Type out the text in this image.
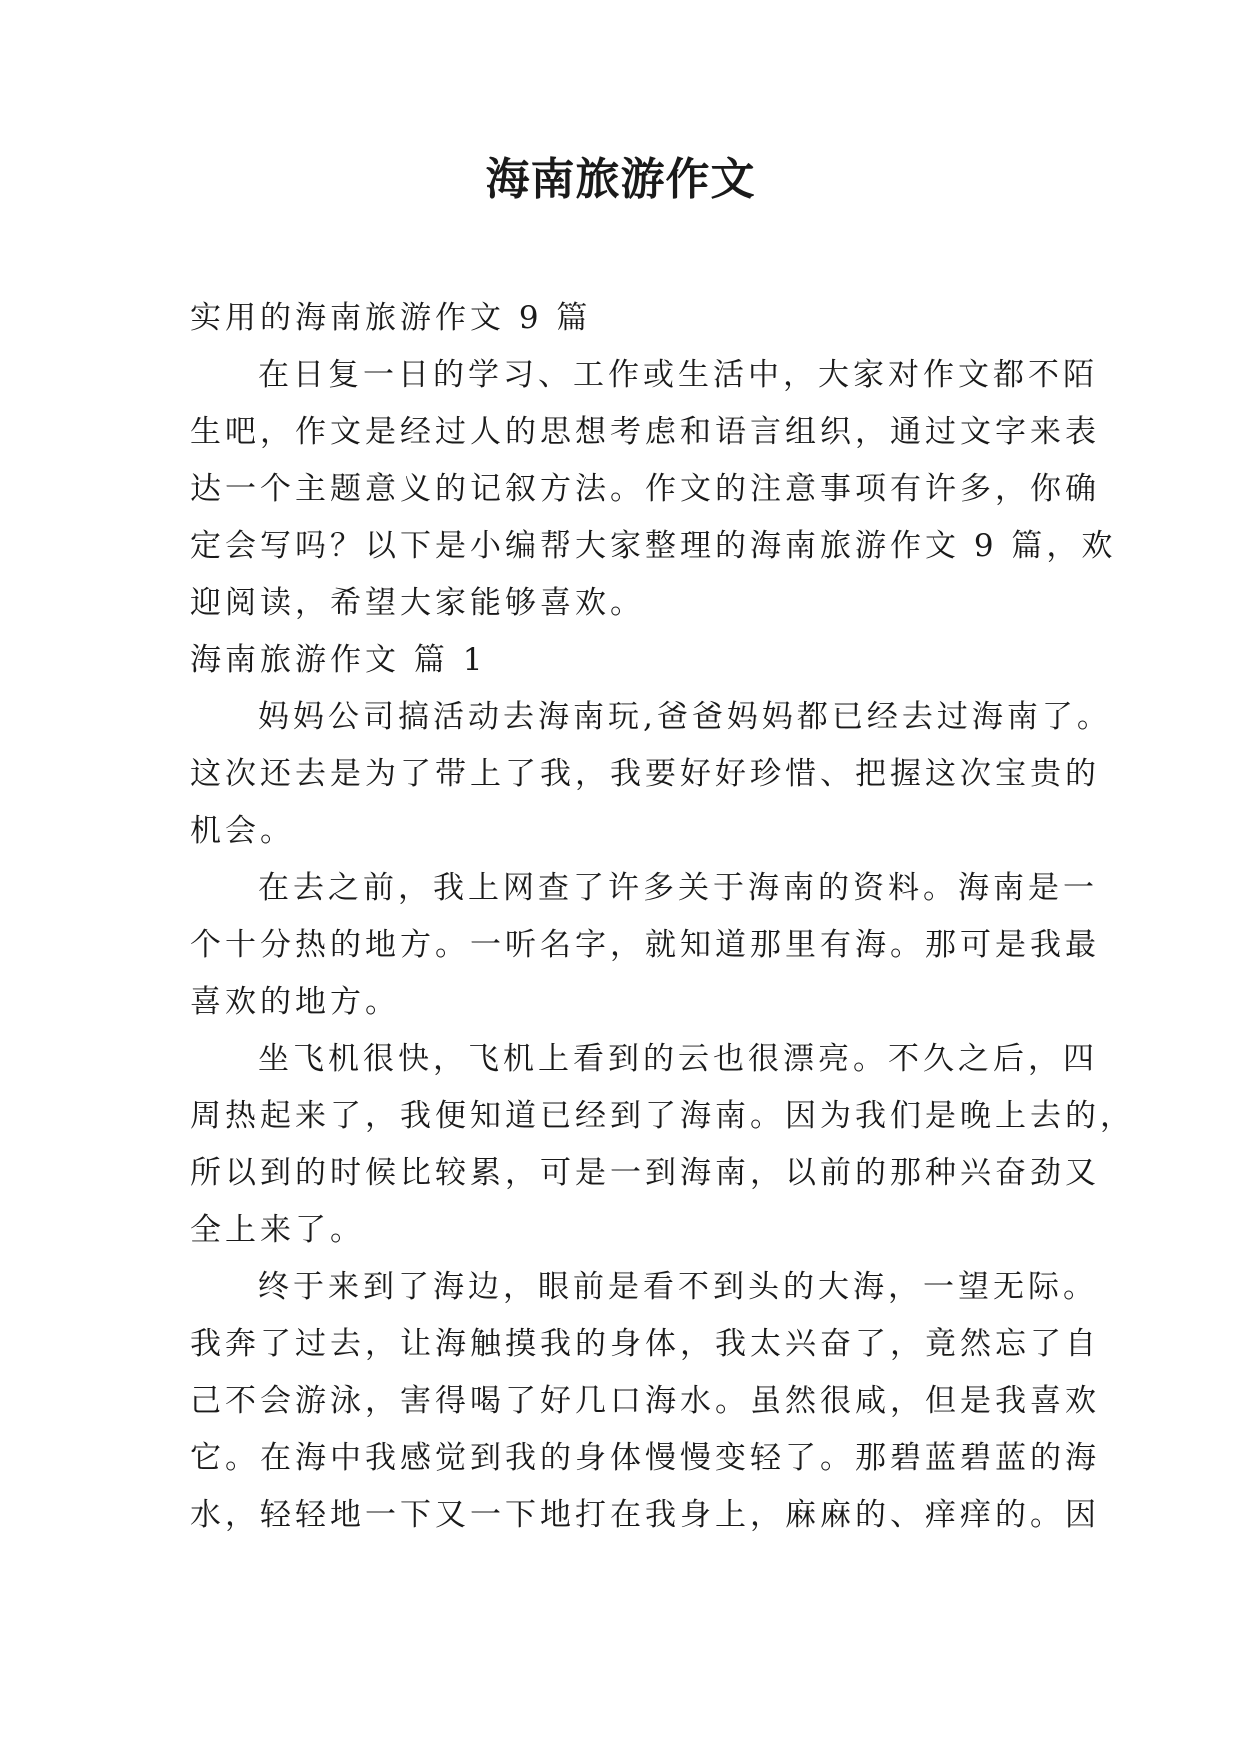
海南旅游作文

实用的海南旅游作文 9 篇

在日复一日的学习、工作或生活中，大家对作文都不陌

生吧，作文是经过人的思想考虑和语言组织，通过文字来表

达一个主题意义的记叙方法。作文的注意事项有许多，你确

定会写吗？以下是小编帮大家整理的海南旅游作文 9 篇，欢

迎阅读，希望大家能够喜欢。

海南旅游作文 篇 1

妈妈公司搞活动去海南玩,爸爸妈妈都已经去过海南了。

这次还去是为了带上了我，我要好好珍惜、把握这次宝贵的

机会。

在去之前，我上网查了许多关于海南的资料。海南是一

个十分热的地方。一听名字，就知道那里有海。那可是我最

喜欢的地方。

坐飞机很快，飞机上看到的云也很漂亮。不久之后，四

周热起来了，我便知道已经到了海南。因为我们是晚上去的，

所以到的时候比较累，可是一到海南，以前的那种兴奋劲又

全上来了。

终于来到了海边，眼前是看不到头的大海，一望无际。

我奔了过去，让海触摸我的身体，我太兴奋了，竟然忘了自

己不会游泳，害得喝了好几口海水。虽然很咸，但是我喜欢

它。在海中我感觉到我的身体慢慢变轻了。那碧蓝碧蓝的海

水，轻轻地一下又一下地打在我身上，麻麻的、痒痒的。因
